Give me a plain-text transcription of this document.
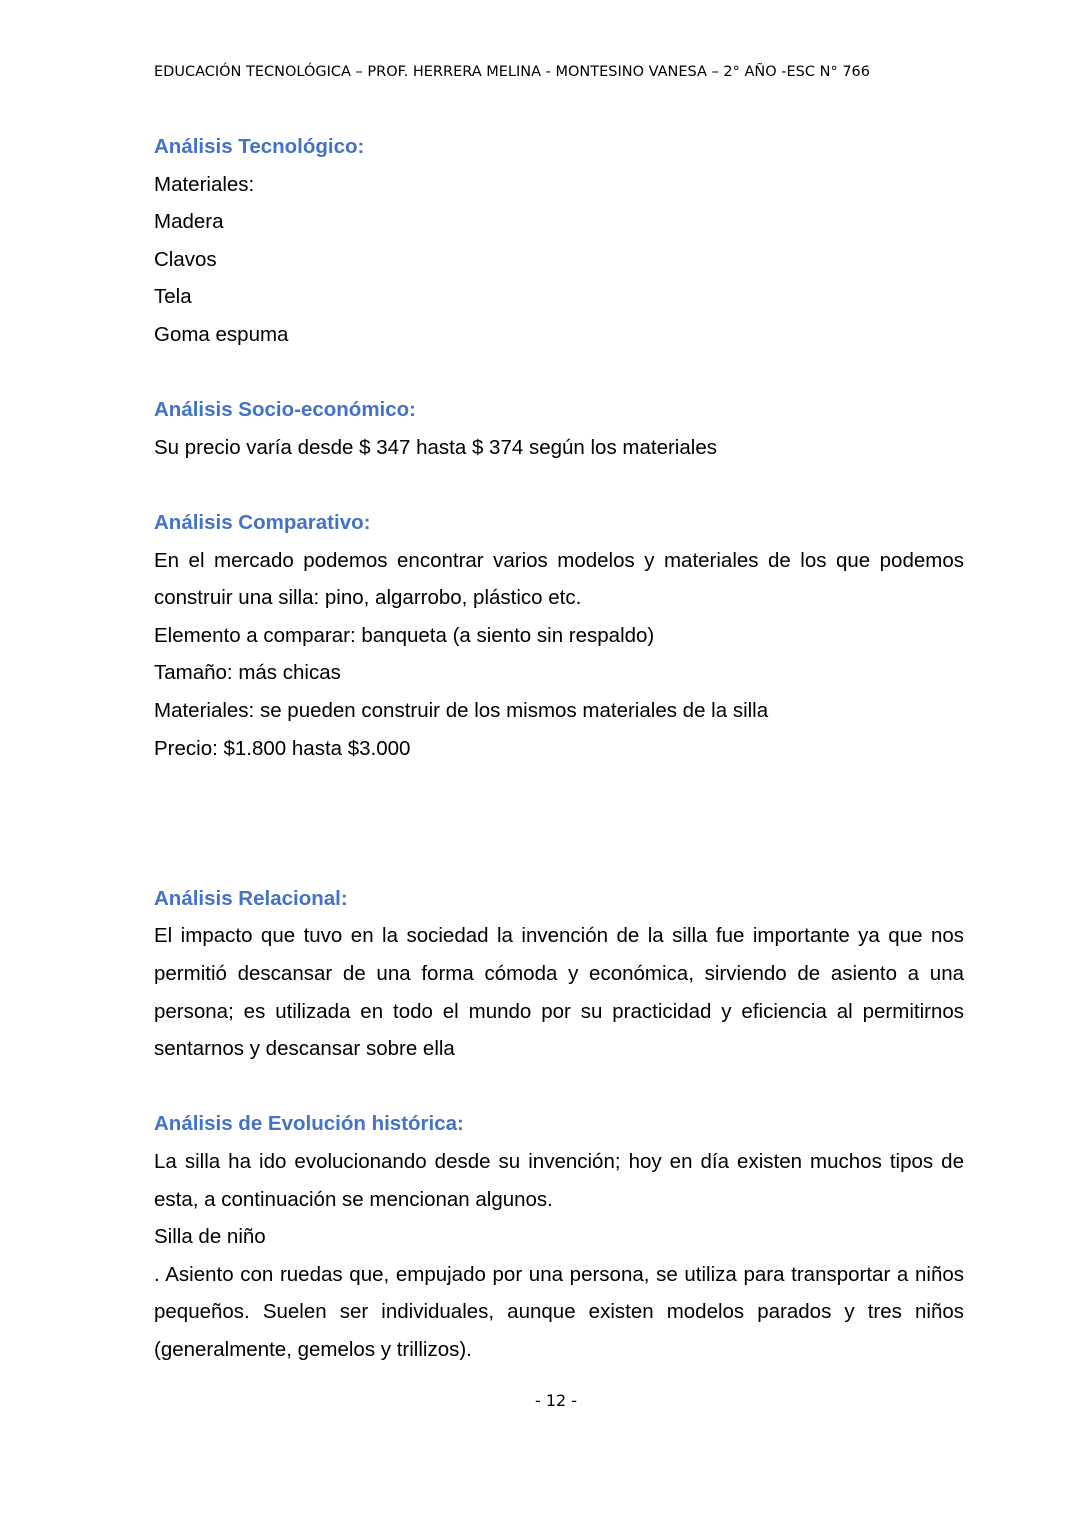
EDUCACIÓN TECNOLÓGICA – PROF. HERRERA MELINA - MONTESINO VANESA – 2° AÑO -ESC N° 766

Análisis Tecnológico:

Materiales:

Madera

Clavos

Tela

Goma espuma

Análisis Socio-económico:

Su precio varía desde $ 347 hasta $ 374 según los materiales

Análisis Comparativo:

En el mercado podemos encontrar varios modelos y materiales de los que podemos construir una silla: pino, algarrobo, plástico etc.

Elemento a comparar: banqueta (a siento sin respaldo)

Tamaño: más chicas

Materiales: se pueden construir de los mismos materiales de la silla

Precio: $1.800 hasta $3.000

Análisis Relacional:

El impacto que tuvo en la sociedad la invención de la silla fue importante ya que nos permitió descansar de una forma cómoda y económica, sirviendo de asiento a una persona; es utilizada en todo el mundo por su practicidad y eficiencia al permitirnos sentarnos y descansar sobre ella

Análisis de Evolución histórica:

La silla ha ido evolucionando desde su invención; hoy en día existen muchos tipos de esta, a continuación se mencionan algunos.

Silla de niño

. Asiento con ruedas que, empujado por una persona, se utiliza para transportar a niños pequeños. Suelen ser individuales, aunque existen modelos parados y tres niños (generalmente, gemelos y trillizos).

- 12 -
